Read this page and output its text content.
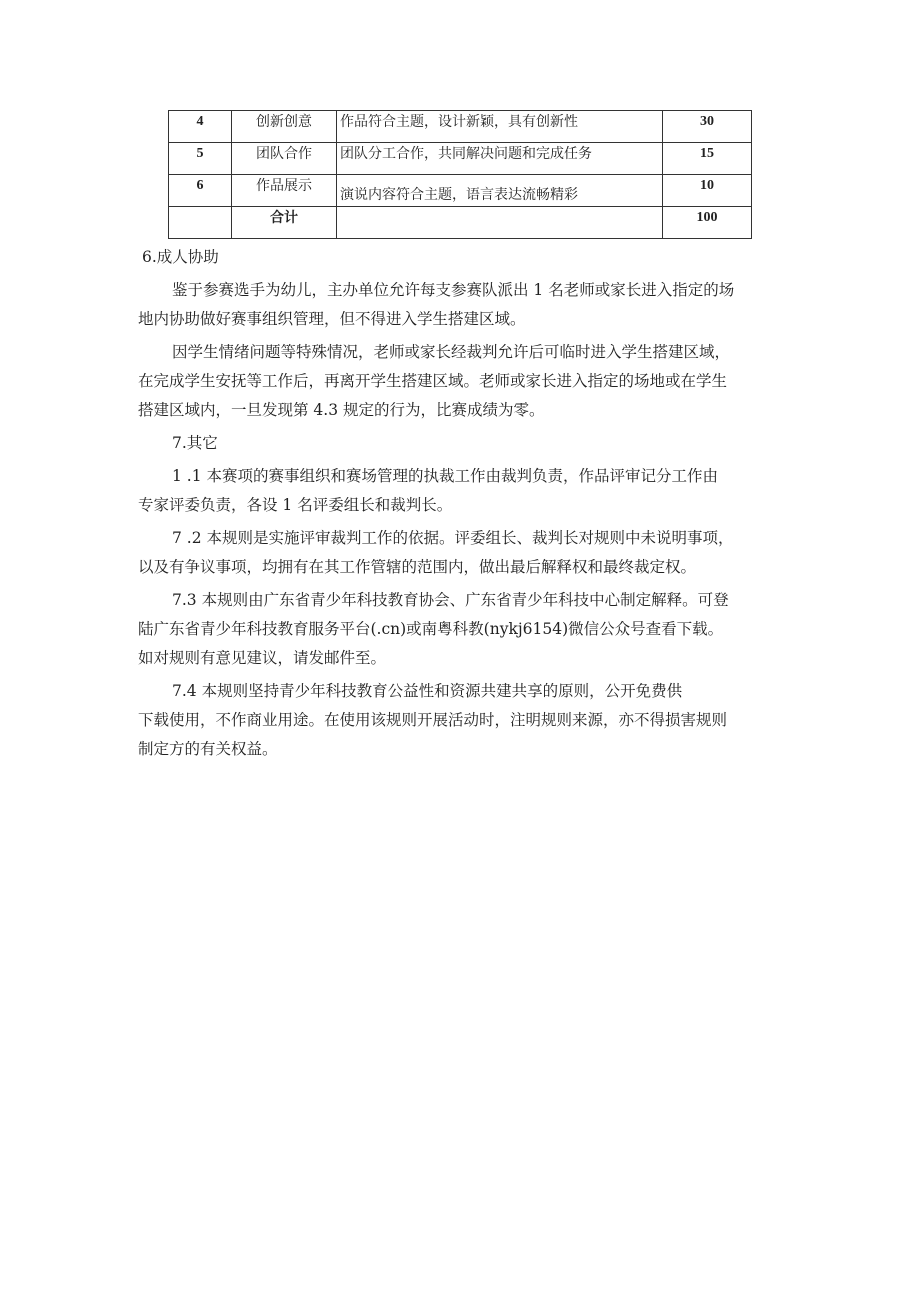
4	创新创意	作品符合主题，设计新颖，具有创新性	30
5	团队合作	团队分工合作，共同解决问题和完成任务	15
6	作品展示	演说内容符合主题，语言表达流畅精彩	10
	合计		100

6.成人协助

鉴于参赛选手为幼儿，主办单位允许每支参赛队派出 1 名老师或家长进入指定的场

地内协助做好赛事组织管理，但不得进入学生搭建区域。

因学生情绪问题等特殊情况，老师或家长经裁判允许后可临时进入学生搭建区域，

在完成学生安抚等工作后，再离开学生搭建区域。老师或家长进入指定的场地或在学生

搭建区域内，一旦发现第 4.3 规定的行为，比赛成绩为零。

7.其它

1 .1 本赛项的赛事组织和赛场管理的执裁工作由裁判负责，作品评审记分工作由

专家评委负责，各设 1 名评委组长和裁判长。

7 .2 本规则是实施评审裁判工作的依据。评委组长、裁判长对规则中未说明事项，

以及有争议事项，均拥有在其工作管辖的范围内，做出最后解释权和最终裁定权。

7.3 本规则由广东省青少年科技教育协会、广东省青少年科技中心制定解释。可登

陆广东省青少年科技教育服务平台(.cn)或南粤科教(nykj6154)微信公众号查看下载。

如对规则有意见建议，请发邮件至。

7.4 本规则坚持青少年科技教育公益性和资源共建共享的原则，公开免费供

下载使用，不作商业用途。在使用该规则开展活动时，注明规则来源，亦不得损害规则

制定方的有关权益。
